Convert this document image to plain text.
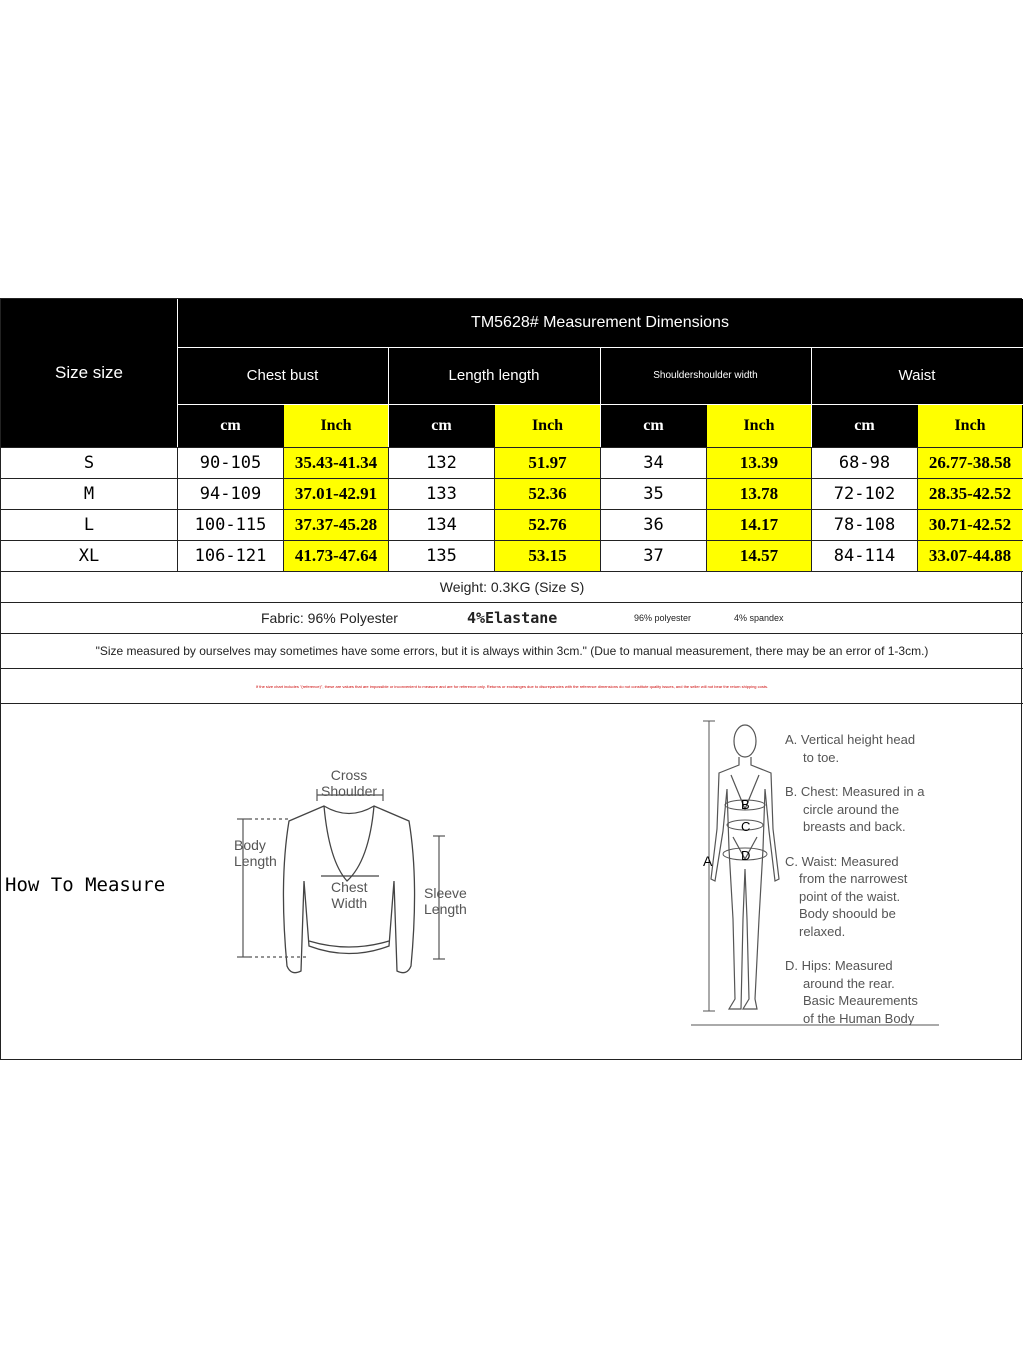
Size size
TM5628# Measurement Dimensions
Chest bust	Length length	Shouldershoulder width	Waist
cm	Inch	cm	Inch	cm	Inch	cm	Inch
S	90-105	35.43-41.34	132	51.97	34	13.39	68-98	26.77-38.58
M	94-109	37.01-42.91	133	52.36	35	13.78	72-102	28.35-42.52
L	100-115	37.37-45.28	134	52.76	36	14.17	78-108	30.71-42.52
XL	106-121	41.73-47.64	135	53.15	37	14.57	84-114	33.07-44.88
Weight: 0.3KG (Size S)
Fabric: 96% Polyester	4%Elastane	96% polyester	4% spandex
"Size measured by ourselves may sometimes have some errors, but it is always within 3cm." (Due to manual measurement, there may be an error of 1-3cm.)
If the size chart includes "(reference)", these are values that are impossible or inconvenient to measure and are for reference only. Returns or exchanges due to discrepancies with the reference dimensions do not constitute quality issues, and the seller will not bear the return shipping costs.
How To Measure
Cross
Shoulder
Body
Length
Chest
Width
Sleeve
Length
A
B
C
D
A. Vertical height head
to toe.
B. Chest: Measured in a
circle around the
breasts and back.
C. Waist: Measured
from the narrowest
point of the waist.
Body shoould be
relaxed.
D. Hips: Measured
around the rear.
Basic Meaurements
of the Human Body
